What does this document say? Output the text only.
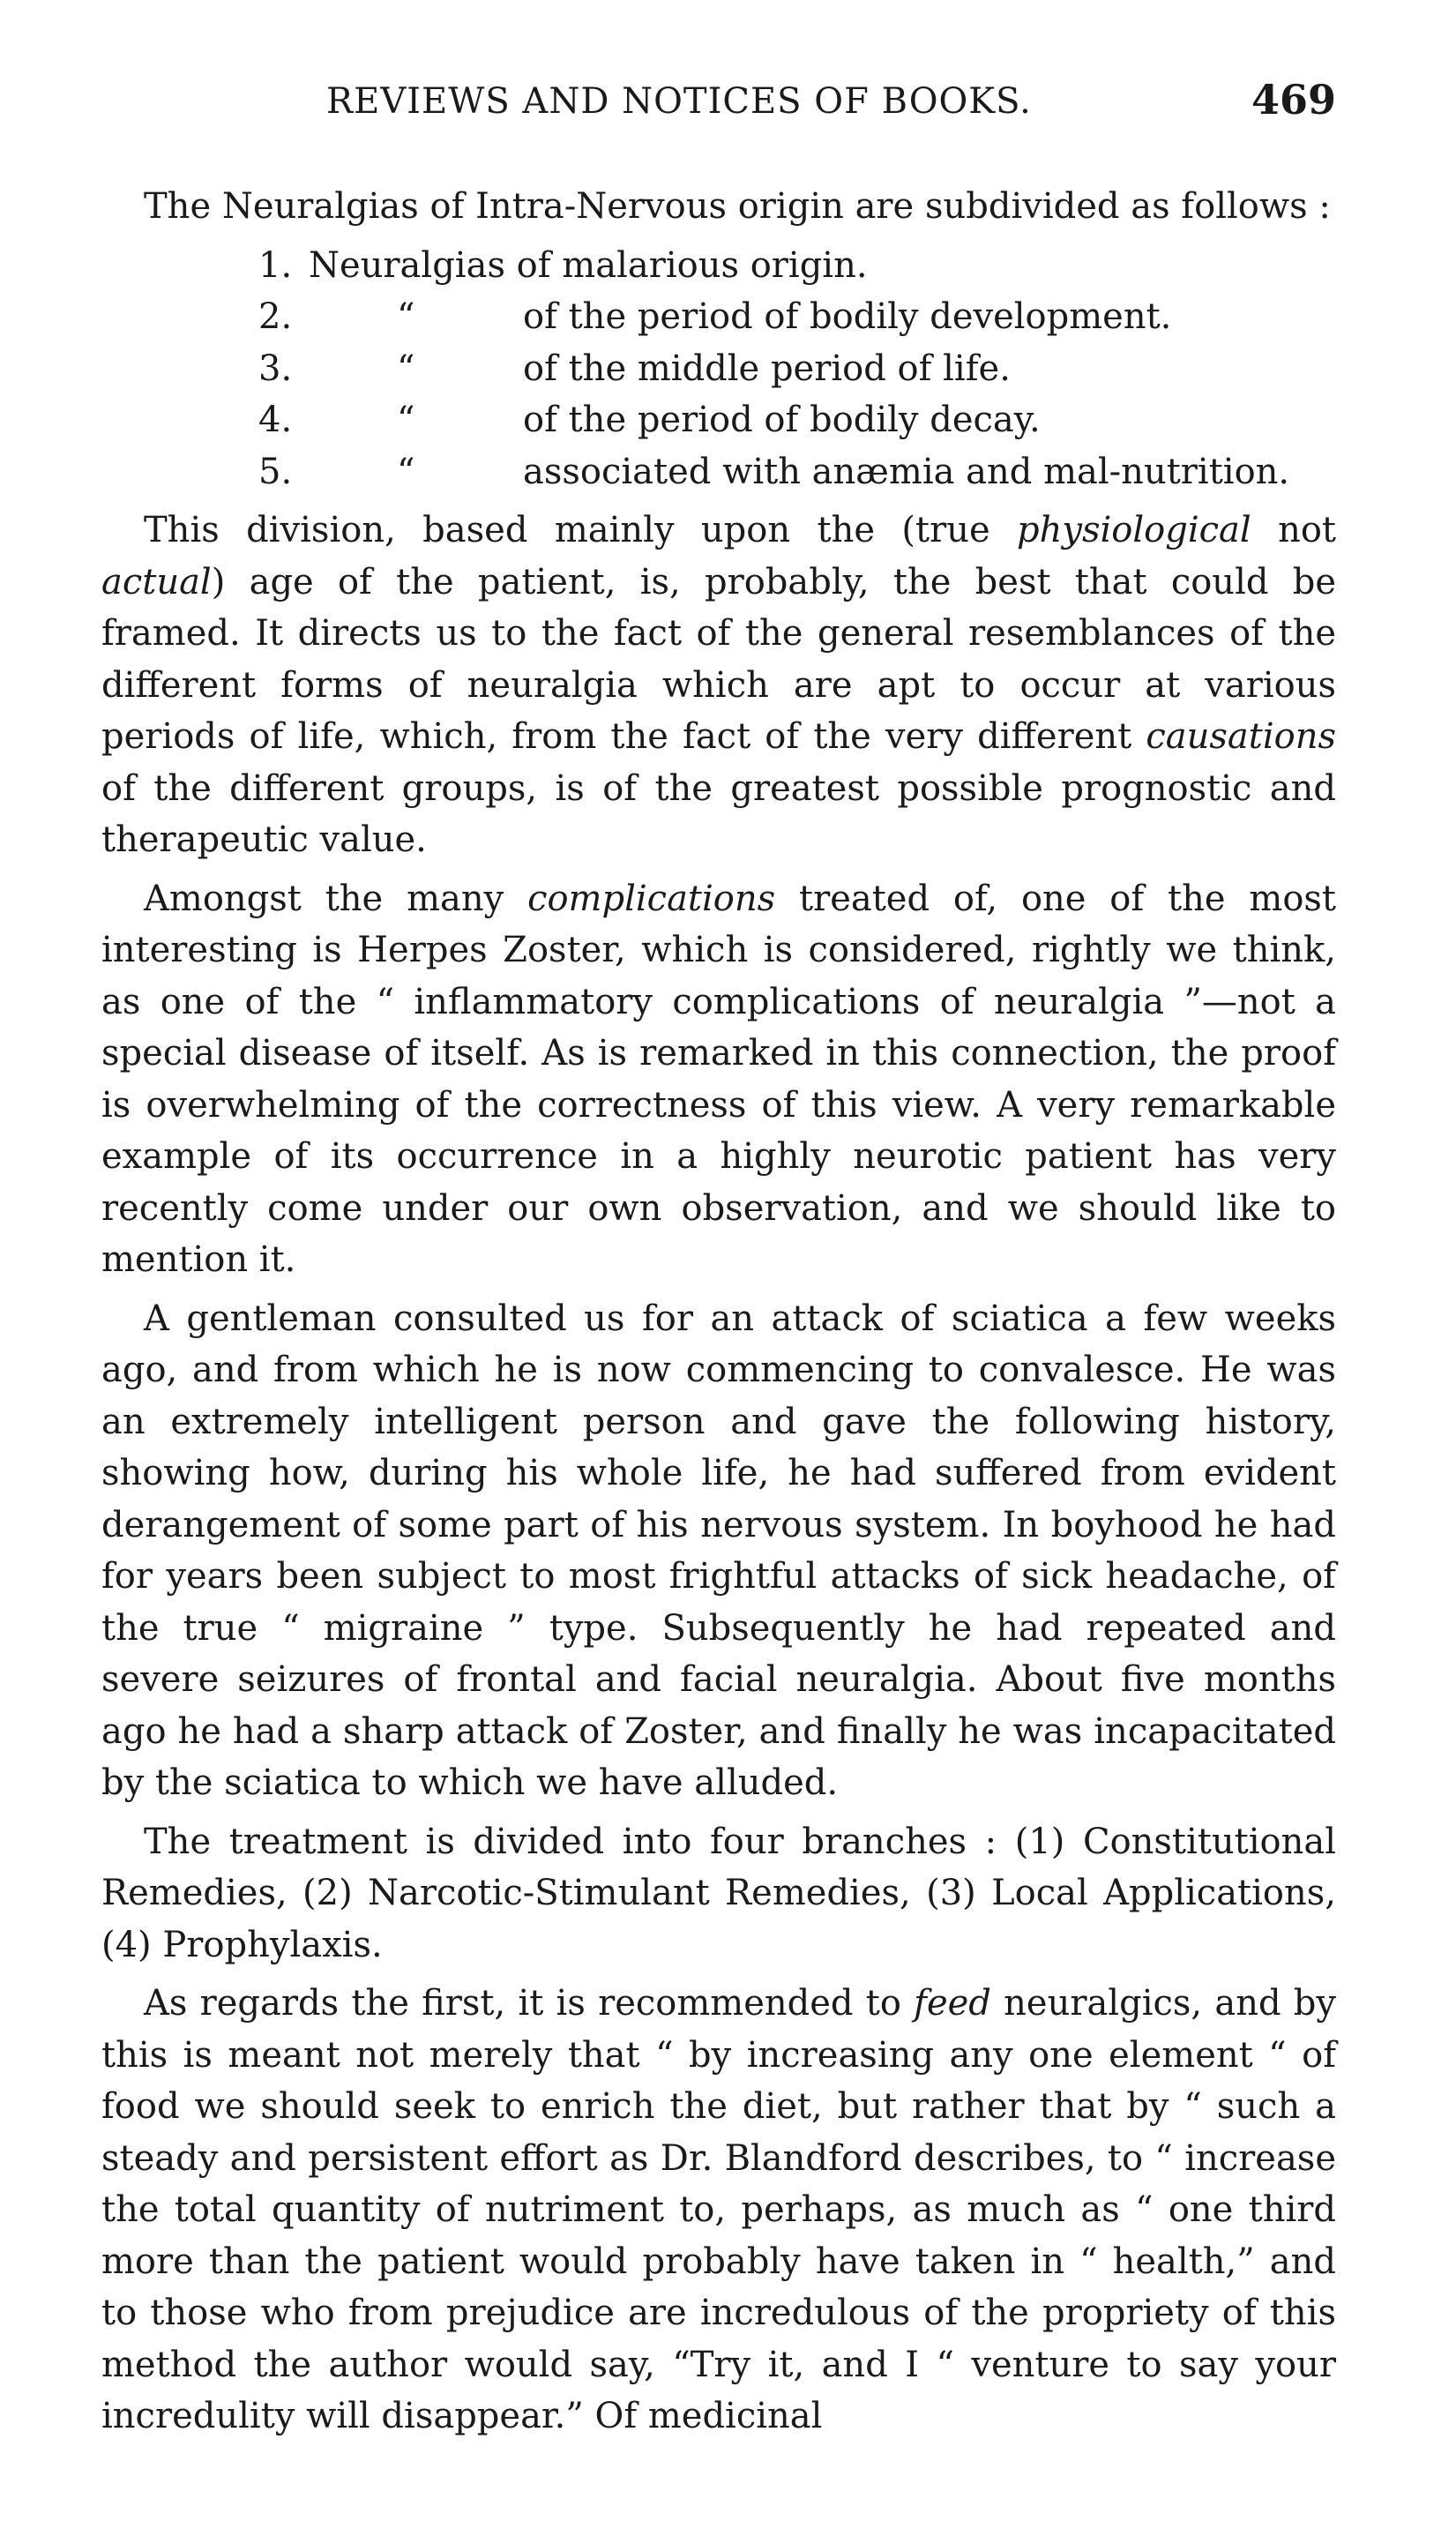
REVIEWS AND NOTICES OF BOOKS.	469

The Neuralgias of Intra-Nervous origin are subdivided as follows :

1. Neuralgias of malarious origin.
2.	“	of the period of bodily development.
3.	“	of the middle period of life.
4.	“	of the period of bodily decay.
5.	“	associated with anæmia and mal-nutrition.

This division, based mainly upon the (true physiological not actual) age of the patient, is, probably, the best that could be framed. It directs us to the fact of the general resemblances of the different forms of neuralgia which are apt to occur at various periods of life, which, from the fact of the very different causations of the different groups, is of the greatest possible prognostic and therapeutic value.

Amongst the many complications treated of, one of the most interesting is Herpes Zoster, which is considered, rightly we think, as one of the “ inflammatory complications of neuralgia ”—not a special disease of itself. As is remarked in this connection, the proof is overwhelming of the correctness of this view. A very remarkable example of its occurrence in a highly neurotic patient has very recently come under our own observation, and we should like to mention it.

A gentleman consulted us for an attack of sciatica a few weeks ago, and from which he is now commencing to convalesce. He was an extremely intelligent person and gave the following history, showing how, during his whole life, he had suffered from evident derangement of some part of his nervous system. In boyhood he had for years been subject to most frightful attacks of sick headache, of the true “ migraine ” type. Subsequently he had repeated and severe seizures of frontal and facial neuralgia. About five months ago he had a sharp attack of Zoster, and finally he was incapacitated by the sciatica to which we have alluded.

The treatment is divided into four branches : (1) Constitutional Remedies, (2) Narcotic-Stimulant Remedies, (3) Local Applications, (4) Prophylaxis.

As regards the first, it is recommended to feed neuralgics, and by this is meant not merely that “ by increasing any one element “ of food we should seek to enrich the diet, but rather that by “ such a steady and persistent effort as Dr. Blandford describes, to “ increase the total quantity of nutriment to, perhaps, as much as “ one third more than the patient would probably have taken in “ health,” and to those who from prejudice are incredulous of the propriety of this method the author would say, “Try it, and I “ venture to say your incredulity will disappear.” Of medicinal
